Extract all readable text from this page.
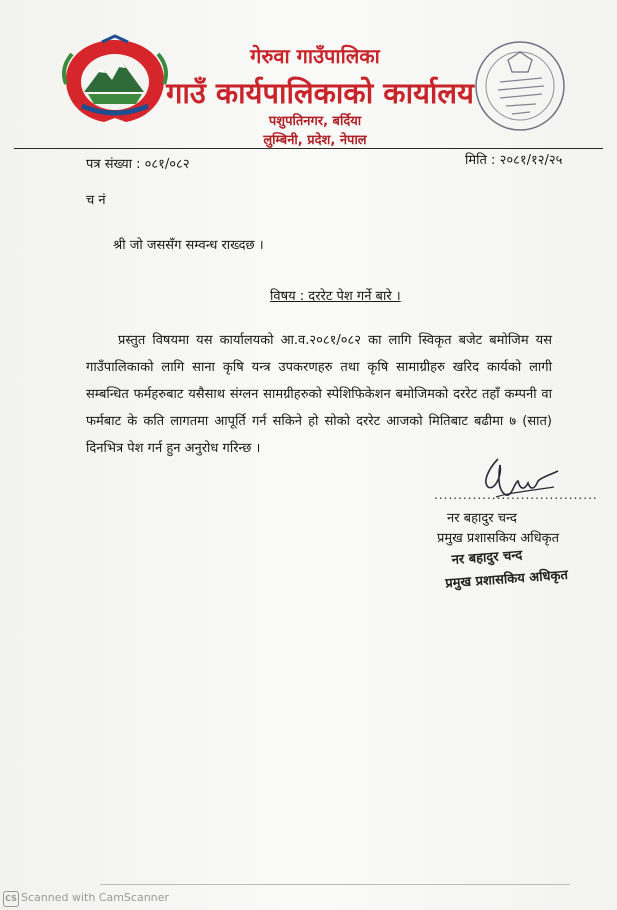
गेरुवा गाउँपालिका
गाउँ कार्यपालिकाको कार्यालय
पशुपतिनगर, बर्दिया
लुम्बिनी, प्रदेश, नेपाल
पत्र संख्या : ०८१/०८२	मिति : २०८१/१२/२५
च नं
श्री जो जससँग सम्वन्ध राख्दछ ।
विषय : दररेट पेश गर्ने बारे ।
प्रस्तुत विषयमा यस कार्यालयको आ.व.२०८१/०८२ का लागि स्विकृत बजेट बमोजिम यस गाउँपालिकाको लागि साना कृषि यन्त्र उपकरणहरु तथा कृषि सामाग्रीहरु खरिद कार्यको लागी सम्बन्धित फर्महरुबाट यसैसाथ संग्लन सामग्रीहरुको स्पेशिफिकेशन बमोजिमको दररेट तहाँ कम्पनी वा फर्मबाट के कति लागतमा आपूर्ति गर्न सकिने हो सोको दररेट आजको मितिबाट बढीमा ७ (सात) दिनभित्र पेश गर्न हुन अनुरोध गरिन्छ ।
..................................
नर बहादुर चन्द
प्रमुख प्रशासकिय अधिकृत
नर बहादुर चन्द
प्रमुख प्रशासकिय अधिकृत
CS Scanned with CamScanner
